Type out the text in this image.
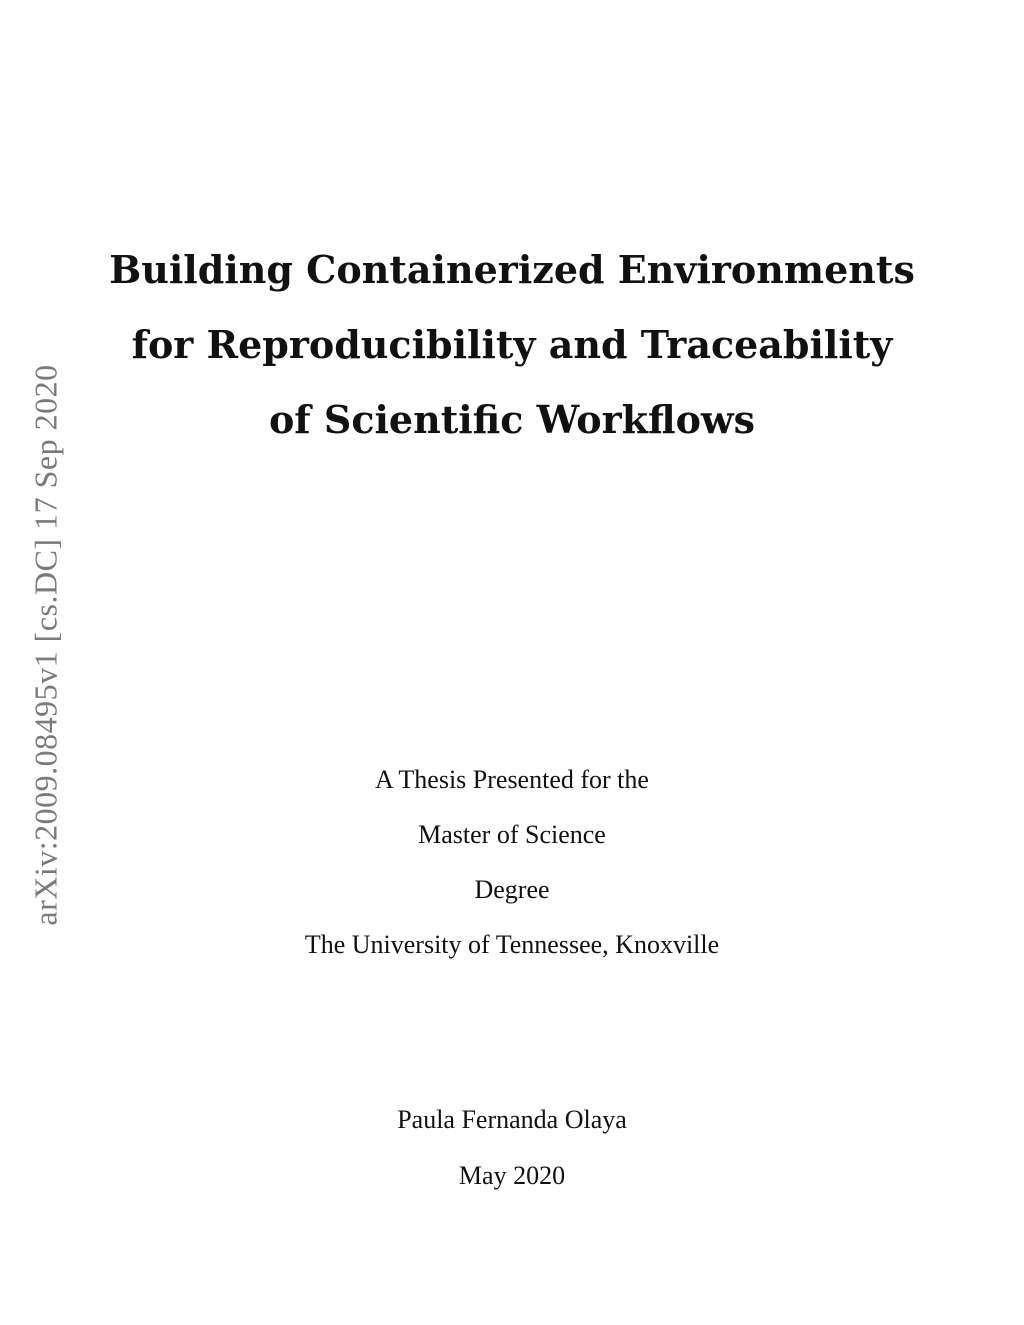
arXiv:2009.08495v1 [cs.DC] 17 Sep 2020
Building Containerized Environments
for Reproducibility and Traceability
of Scientific Workflows
A Thesis Presented for the
Master of Science
Degree
The University of Tennessee, Knoxville
Paula Fernanda Olaya
May 2020
